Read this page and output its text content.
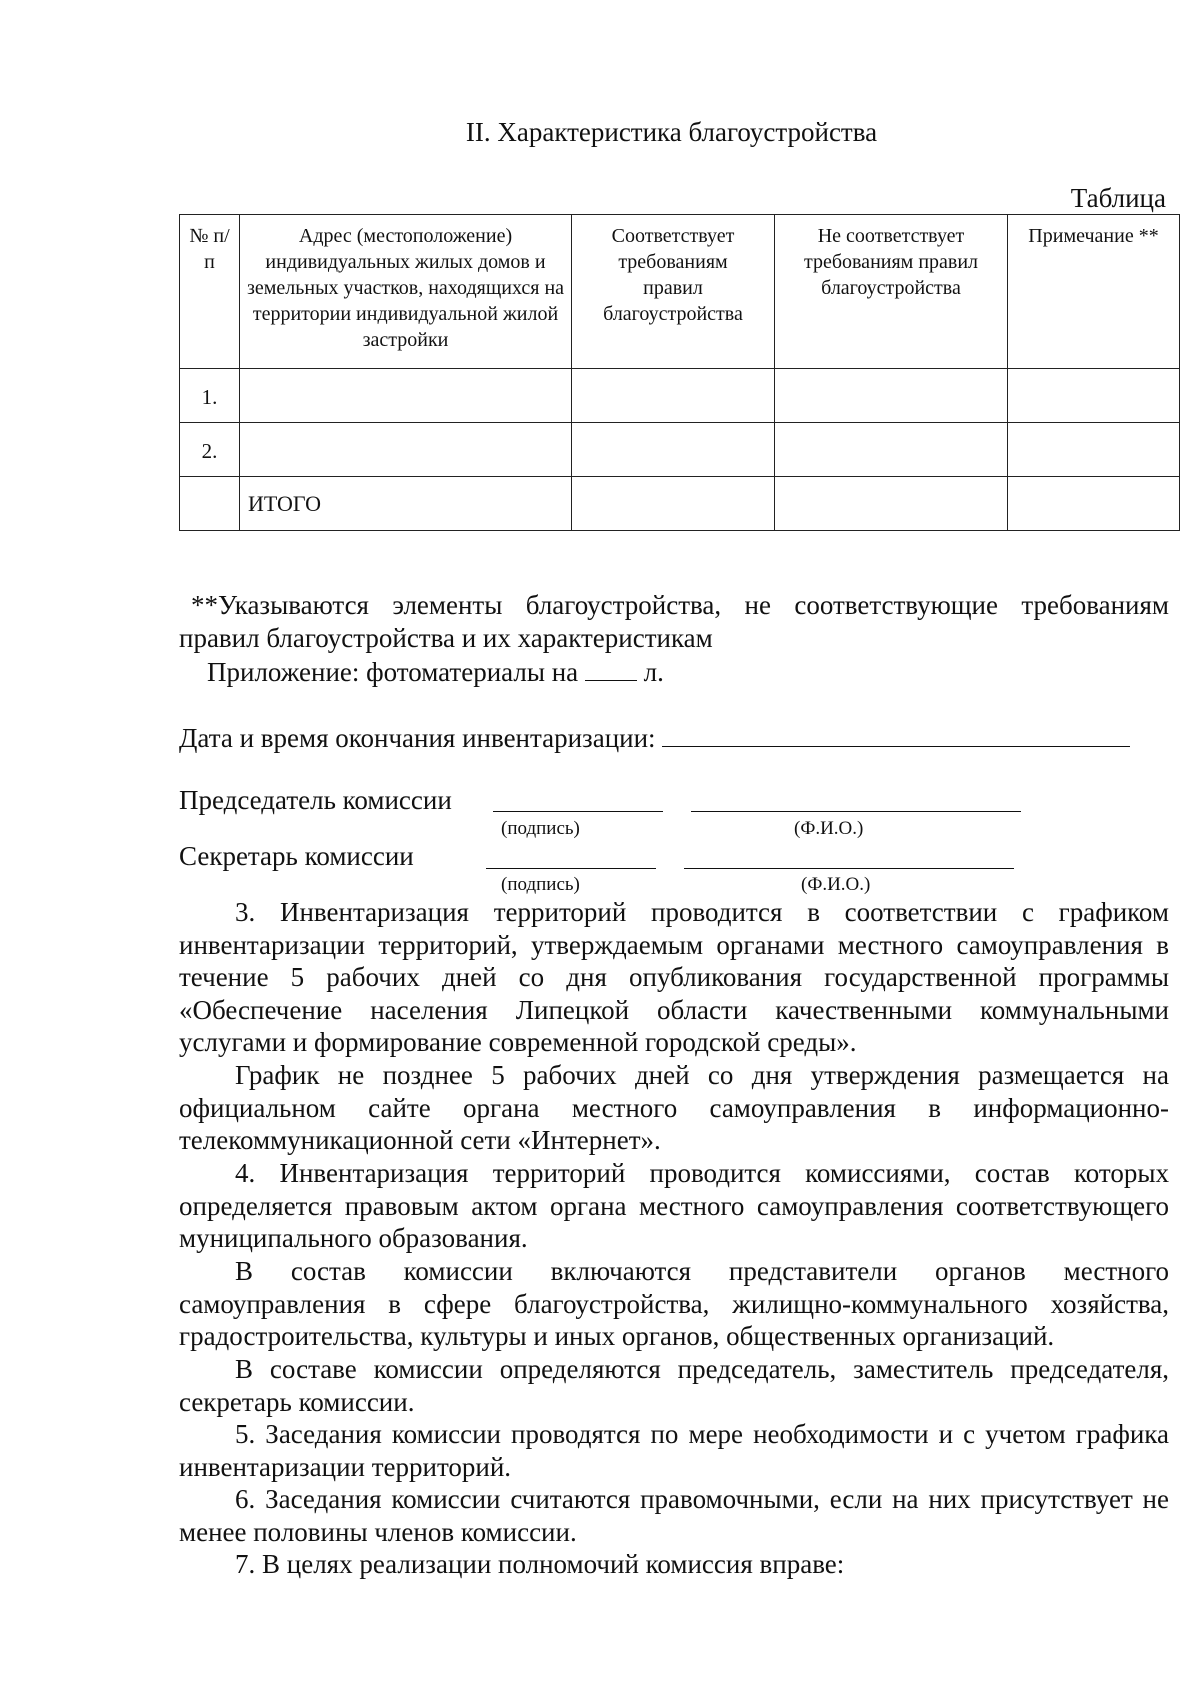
II. Характеристика благоустройства
Таблица
№ п/п	Адрес (местоположение) индивидуальных жилых домов и земельных участков, находящихся на территории индивидуальной жилой застройки	Соответствует требованиям правил благоустройства	Не соответствует требованиям правил благоустройства	Примечание **
1.				
2.				
	ИТОГО			
**Указываются элементы благоустройства, не соответствующие требованиям правил благоустройства и их характеристикам
Приложение: фотоматериалы на л.
Дата и время окончания инвентаризации:
Председатель комиссии
(подпись)	(Ф.И.О.)
Секретарь комиссии
(подпись)	(Ф.И.О.)
3. Инвентаризация территорий проводится в соответствии с графиком инвентаризации территорий, утверждаемым органами местного самоуправления в течение 5 рабочих дней со дня опубликования государственной программы «Обеспечение населения Липецкой области качественными коммунальными услугами и формирование современной городской среды».
График не позднее 5 рабочих дней со дня утверждения размещается на официальном сайте органа местного самоуправления в информационно-телекоммуникационной сети «Интернет».
4. Инвентаризация территорий проводится комиссиями, состав которых определяется правовым актом органа местного самоуправления соответствующего муниципального образования.
В состав комиссии включаются представители органов местного самоуправления в сфере благоустройства, жилищно-коммунального хозяйства, градостроительства, культуры и иных органов, общественных организаций.
В составе комиссии определяются председатель, заместитель председателя, секретарь комиссии.
5. Заседания комиссии проводятся по мере необходимости и с учетом графика инвентаризации территорий.
6. Заседания комиссии считаются правомочными, если на них присутствует не менее половины членов комиссии.
7. В целях реализации полномочий комиссия вправе:
